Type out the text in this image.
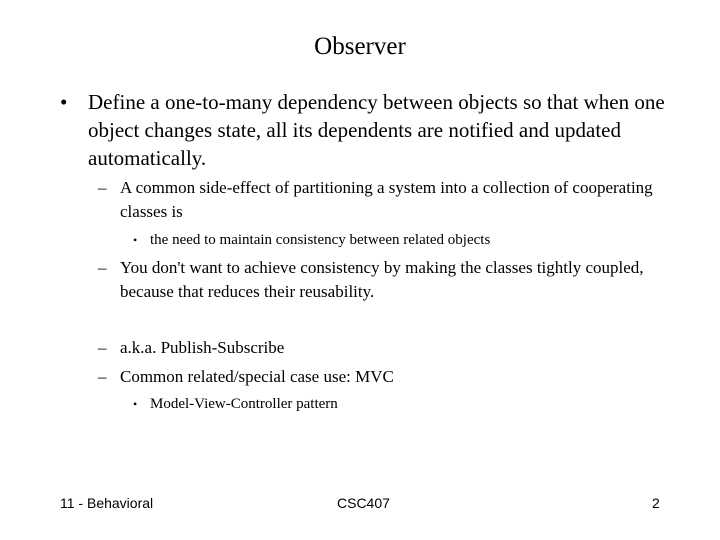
Observer
• Define a one-to-many dependency between objects so that when one object changes state, all its dependents are notified and updated automatically.
– A common side-effect of partitioning a system into a collection of cooperating classes is
• the need to maintain consistency between related objects
– You don't want to achieve consistency by making the classes tightly coupled, because that reduces their reusability.
– a.k.a. Publish-Subscribe
– Common related/special case use: MVC
• Model-View-Controller pattern
11 - Behavioral	CSC407	2
